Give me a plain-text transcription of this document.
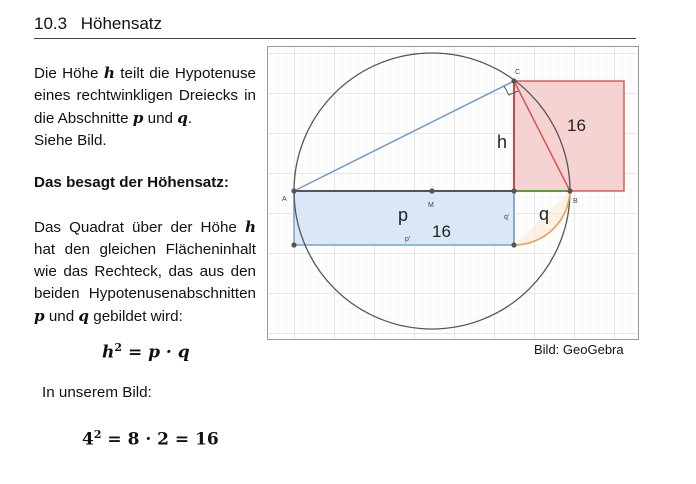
10.3 Höhensatz
Die Höhe h teilt die Hypotenuse eines rechtwinkligen Dreiecks in die Abschnitte p und q.
Siehe Bild.
Das besagt der Höhensatz:
Das Quadrat über der Höhe h hat den gleichen Flächeninhalt wie das Rechteck, das aus den beiden Hypotenusenabschnitten p und q gebildet wird:
$h^2 = p \cdot q$
In unserem Bild:
$4^2 = 8 \cdot 2 = 16$
A	B
C
M
h
p	q
p'
q'
16
16
Bild: GeoGebra
